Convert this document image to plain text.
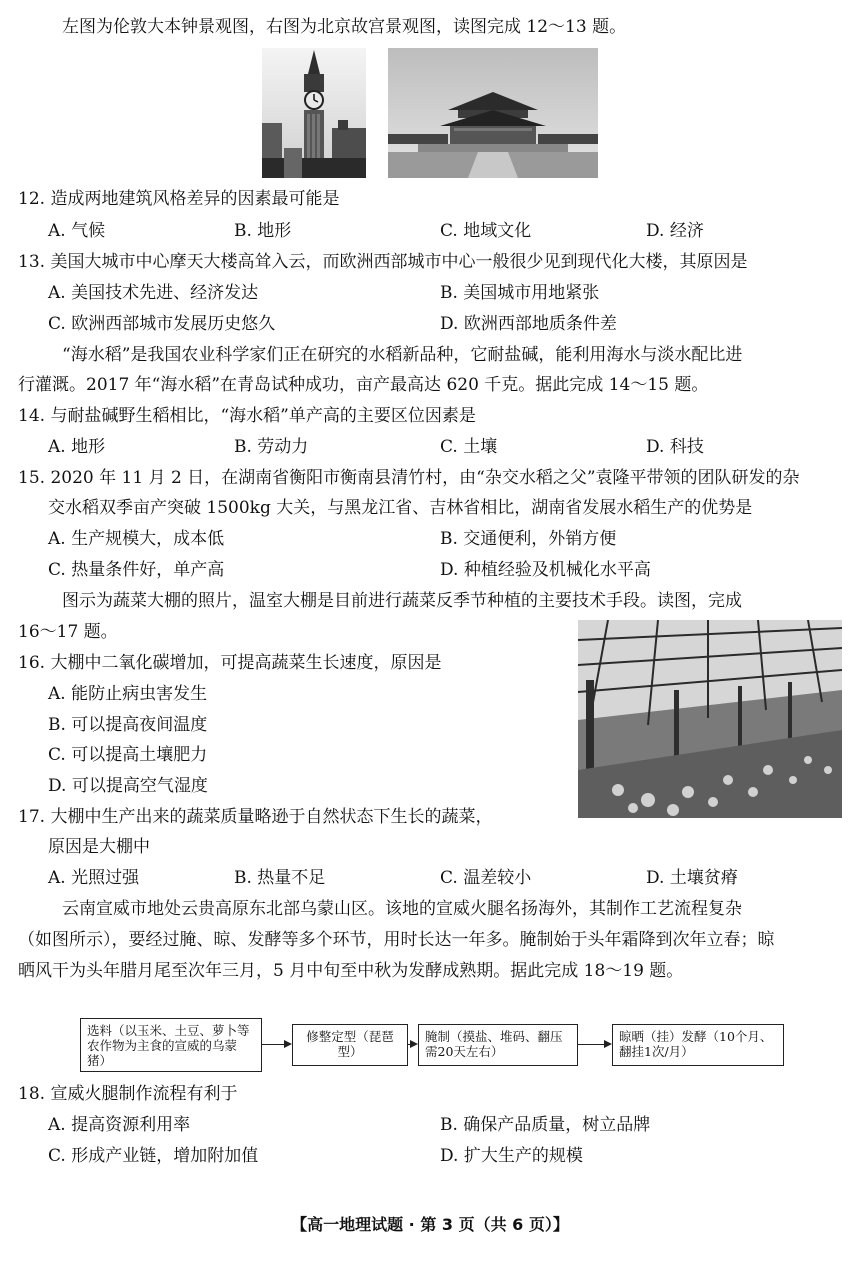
左图为伦敦大本钟景观图，右图为北京故宫景观图，读图完成 12～13 题。
12. 造成两地建筑风格差异的因素最可能是
A. 气候	B. 地形	C. 地域文化	D. 经济
13. 美国大城市中心摩天大楼高耸入云，而欧洲西部城市中心一般很少见到现代化大楼，其原因是
A. 美国技术先进、经济发达	B. 美国城市用地紧张
C. 欧洲西部城市发展历史悠久	D. 欧洲西部地质条件差
“海水稻”是我国农业科学家们正在研究的水稻新品种，它耐盐碱，能利用海水与淡水配比进
行灌溉。2017 年“海水稻”在青岛试种成功，亩产最高达 620 千克。据此完成 14～15 题。
14. 与耐盐碱野生稻相比，“海水稻”单产高的主要区位因素是
A. 地形	B. 劳动力	C. 土壤	D. 科技
15. 2020 年 11 月 2 日，在湖南省衡阳市衡南县清竹村，由“杂交水稻之父”袁隆平带领的团队研发的杂
交水稻双季亩产突破 1500kg 大关，与黑龙江省、吉林省相比，湖南省发展水稻生产的优势是
A. 生产规模大，成本低	B. 交通便利，外销方便
C. 热量条件好，单产高	D. 种植经验及机械化水平高
图示为蔬菜大棚的照片，温室大棚是目前进行蔬菜反季节种植的主要技术手段。读图，完成
16～17 题。
16. 大棚中二氧化碳增加，可提高蔬菜生长速度，原因是
A. 能防止病虫害发生
B. 可以提高夜间温度
C. 可以提高土壤肥力
D. 可以提高空气湿度
17. 大棚中生产出来的蔬菜质量略逊于自然状态下生长的蔬菜，
原因是大棚中
A. 光照过强	B. 热量不足	C. 温差较小	D. 土壤贫瘠
云南宣威市地处云贵高原东北部乌蒙山区。该地的宣威火腿名扬海外，其制作工艺流程复杂
（如图所示），要经过腌、晾、发酵等多个环节，用时长达一年多。腌制始于头年霜降到次年立春；晾
晒风干为头年腊月尾至次年三月，5 月中旬至中秋为发酵成熟期。据此完成 18～19 题。
选料（以玉米、土豆、萝卜等农作物为主食的宣威的乌蒙猪）
修整定型（琵琶型）
腌制（摸盐、堆码、翻压需20天左右）
晾晒（挂）发酵（10个月、翻挂1次/月）
18. 宣威火腿制作流程有利于
A. 提高资源利用率	B. 确保产品质量，树立品牌
C. 形成产业链，增加附加值	D. 扩大生产的规模
【高一地理试题 · 第 3 页（共 6 页）】
